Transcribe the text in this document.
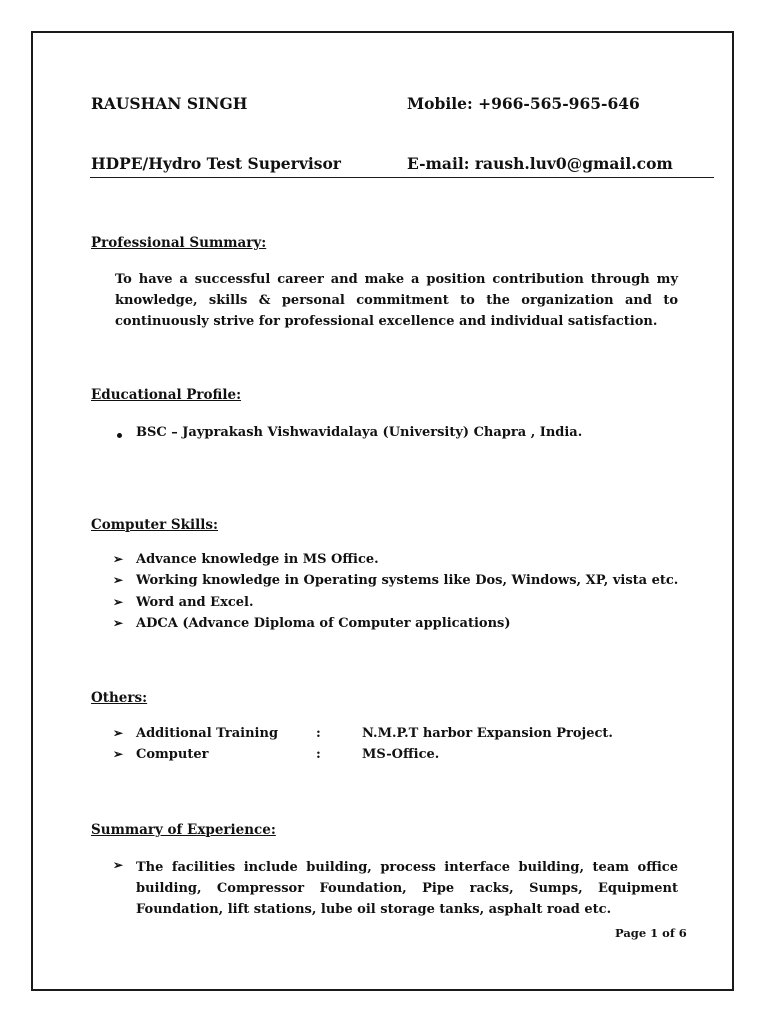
RAUSHAN SINGH	Mobile: +966-565-965-646
HDPE/Hydro Test Supervisor	E-mail: raush.luv0@gmail.com
Professional Summary:
To have a successful career and make a position contribution through my knowledge, skills & personal commitment to the organization and to continuously strive for professional excellence and individual satisfaction.
Educational Profile:
BSC – Jayprakash Vishwavidalaya (University) Chapra , India.
Computer Skills:
➢ Advance knowledge in MS Office.
➢ Working knowledge in Operating systems like Dos, Windows, XP, vista etc.
➢ Word and Excel.
➢ ADCA (Advance Diploma of Computer applications)
Others:
➢ Additional Training	:	N.M.P.T harbor Expansion Project.
➢ Computer	:	MS-Office.
Summary of Experience:
➢ The facilities include building, process interface building, team office building, Compressor Foundation, Pipe racks, Sumps, Equipment Foundation, lift stations, lube oil storage tanks, asphalt road etc.
Page 1 of 6
